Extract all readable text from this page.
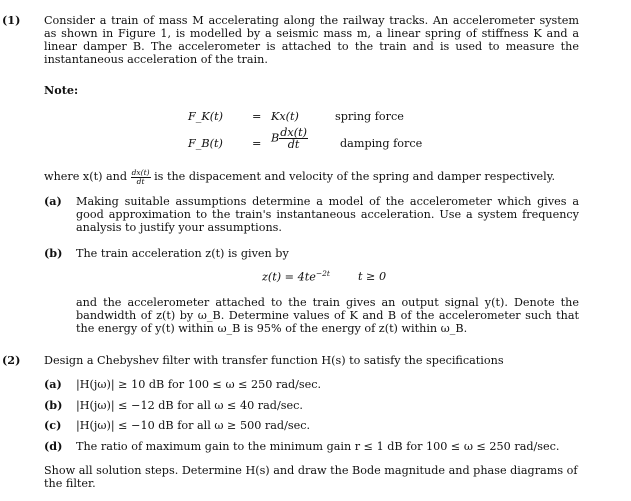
(1) Consider a train of mass M accelerating along the railway tracks. An accelerometer system as shown in Figure 1, is modelled by a seismic mass m, a linear spring of stiffness K and a linear damper B. The accelerometer is attached to the train and is used to measure the instantaneous acceleration of the train.

Note:
F_K(t)	= Kx(t)	spring force
F_B(t)	= B $\frac{dx(t)}{dt}$	damping force
where x(t) and $\frac{dx(t)}{dt}$ is the dispacement and velocity of the spring and damper respectively.
(a) Making suitable assumptions determine a model of the accelerometer which gives a good approximation to the train's instantaneous acceleration. Use a system frequency analysis to justify your assumptions.

(b) The train acceleration z(t) is given by

$z(t) = 4te^{-2t}$	t ≥ 0

and the accelerometer attached to the train gives an output signal y(t). Denote the bandwidth of z(t) by ω_B. Determine values of K and B of the accelerometer such that the energy of y(t) within ω_B is 95% of the energy of z(t) within ω_B.

(2) Design a Chebyshev filter with transfer function H(s) to satisfy the specifications

(a) |H(jω)| ≥ 10 dB for 100 ≤ ω ≤ 250 rad/sec.
(b) |H(jω)| ≤ −12 dB for all ω ≤ 40 rad/sec.
(c) |H(jω)| ≤ −10 dB for all ω ≥ 500 rad/sec.
(d) The ratio of maximum gain to the minimum gain r ≤ 1 dB for 100 ≤ ω ≤ 250 rad/sec.

Show all solution steps. Determine H(s) and draw the Bode magnitude and phase diagrams of the filter.
